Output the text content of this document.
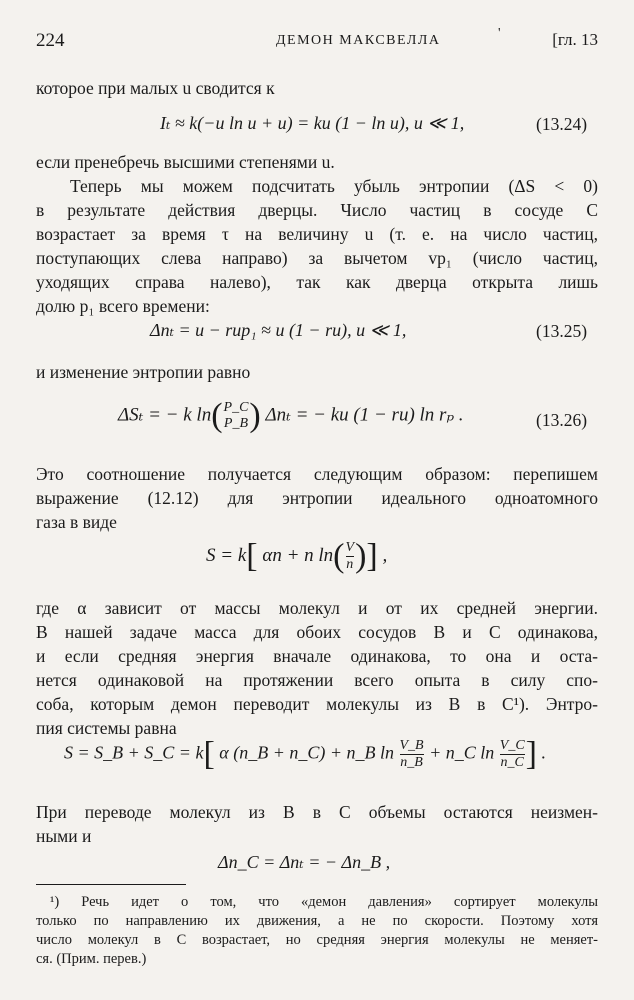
224	ДЕМОН МАКСВЕЛЛА	'	[гл. 13
которое при малых u сводится к
Iₜ ≈ k(−u ln u + u) = ku (1 − ln u), u ≪ 1,	(13.24)
если пренебречь высшими степенями u.
Теперь мы можем подсчитать убыль энтропии (ΔS < 0)
в результате действия дверцы. Число частиц в сосуде C
возрастает за время τ на величину u (т. е. на число частиц,
поступающих слева направо) за вычетом vp₁ (число частиц,
уходящих справа налево), так как дверца открыта лишь
долю p₁ всего времени:
Δnₜ = u − rup₁ ≈ u (1 − ru), u ≪ 1,	(13.25)
и изменение энтропии равно
ΔSₜ = − k ln( P_C
P_B ) Δnₜ = − ku (1 − ru) ln rₚ .	(13.26)
Это соотношение получается следующим образом: перепишем
выражение (12.12) для энтропии идеального одноатомного
газа в виде
S = k[ αn + n $\ln( \frac{V}{n}$ )] ,
где α зависит от массы молекул и от их средней энергии.
В нашей задаче масса для обоих сосудов B и C одинакова,
и если средняя энергия вначале одинакова, то она и оста-
нется одинаковой на протяжении всего опыта в силу спо-
соба, которым демон переводит молекулы из B в C¹). Энтро-
пия системы равна
S = S_B + S_C = k[ α (n_B + n_C) + n_B $\ln \frac{V\_B}{n\_B}$ + n_C $\ln \frac{V\_C}{n\_C}$ ] .
При переводе молекул из B в C объемы остаются неизмен-
ными и
Δn_C = Δnₜ = − Δn_B ,
¹) Речь идет о том, что «демон давления» сортирует молекулы
только по направлению их движения, а не по скорости. Поэтому хотя
число молекул в C возрастает, но средняя энергия молекулы не меняет-
ся. (Прим. перев.)
